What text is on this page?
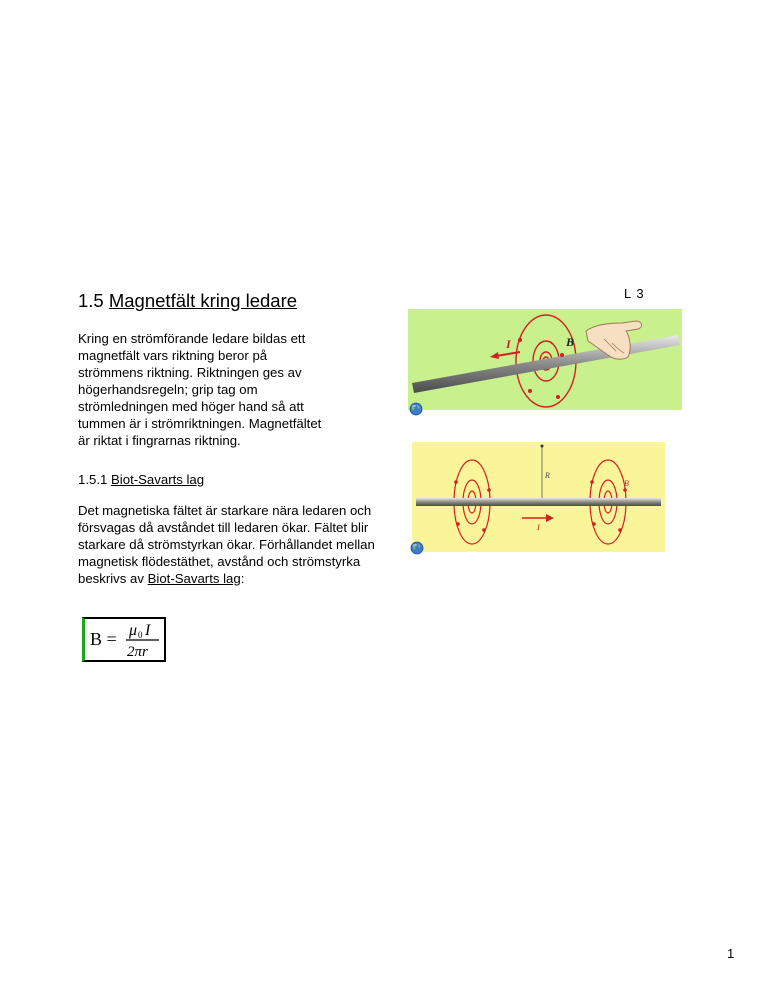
L 3
1.5 Magnetfält kring ledare
Kring en strömförande ledare bildas ett
magnetfält vars riktning beror på
strömmens riktning. Riktningen ges av
högerhandsregeln; grip tag om
strömledningen med höger hand så att
tummen är i strömriktningen. Magnetfältet
är riktat i fingrarnas riktning.
1.5.1 Biot-Savarts lag
Det magnetiska fältet är starkare nära ledaren och försvagas då avståndet till ledaren ökar. Fältet blir starkare då strömstyrkan ökar. Förhållandet mellan magnetisk flödestäthet, avstånd och strömstyrka beskrivs av Biot-Savarts lag:
B = μ 0 I
2πr
I	B
R
I
B
1
